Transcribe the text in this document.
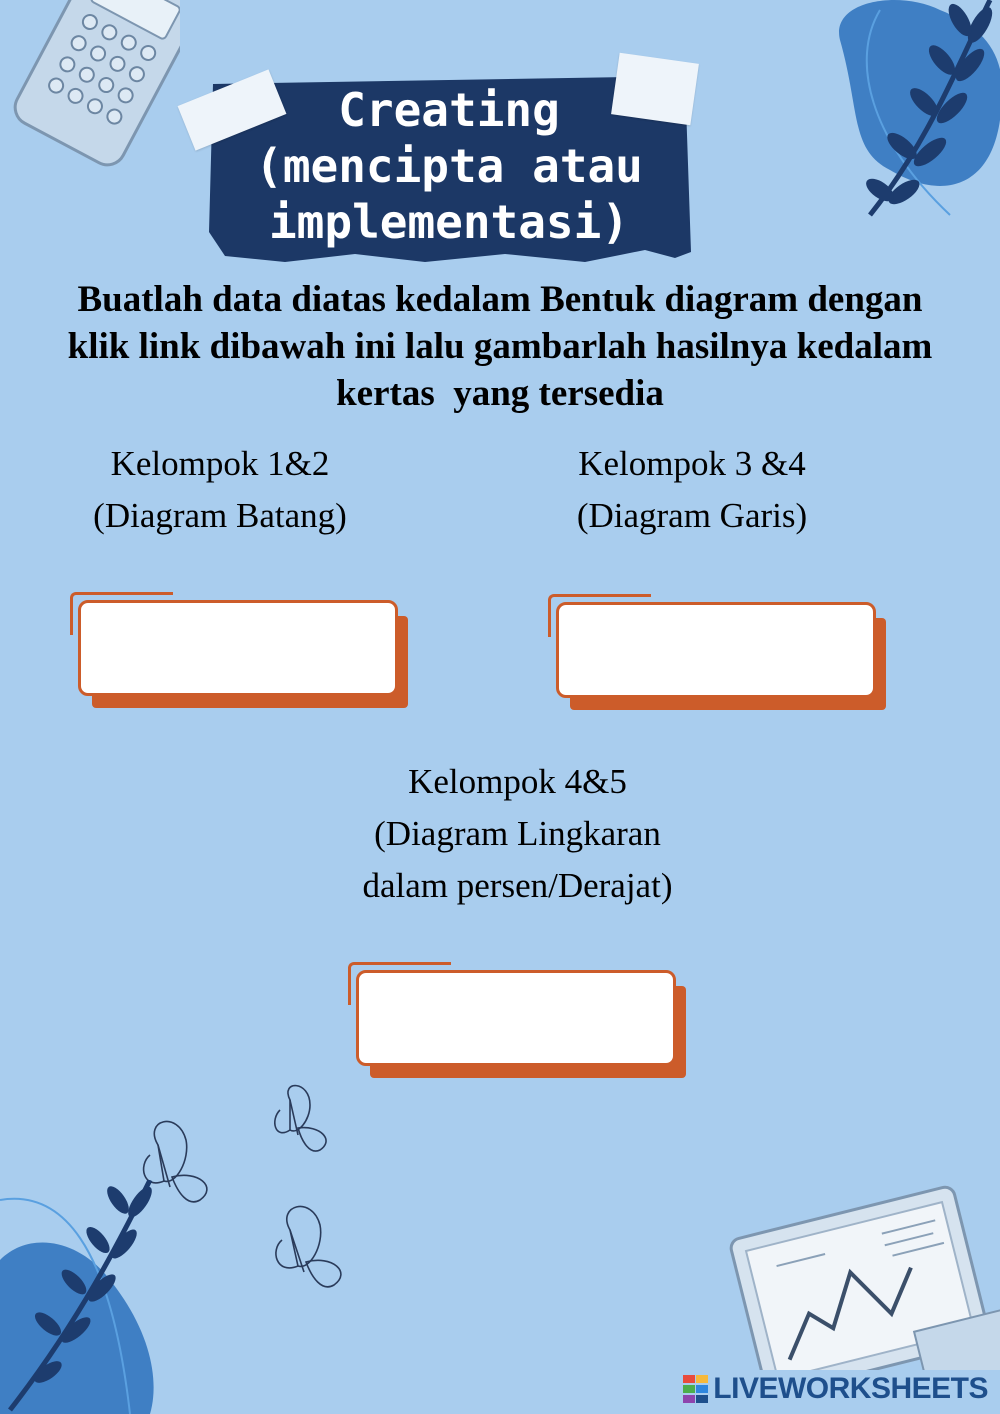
Creating
(mencipta atau
implementasi)
Buatlah data diatas kedalam Bentuk diagram dengan
klik link dibawah ini lalu gambarlah hasilnya kedalam
kertas  yang tersedia
Kelompok 1&2
(Diagram Batang)
Kelompok 3 &4
(Diagram Garis)
Kelompok 4&5
(Diagram Lingkaran
dalam persen/Derajat)
LIVEWORKSHEETS
